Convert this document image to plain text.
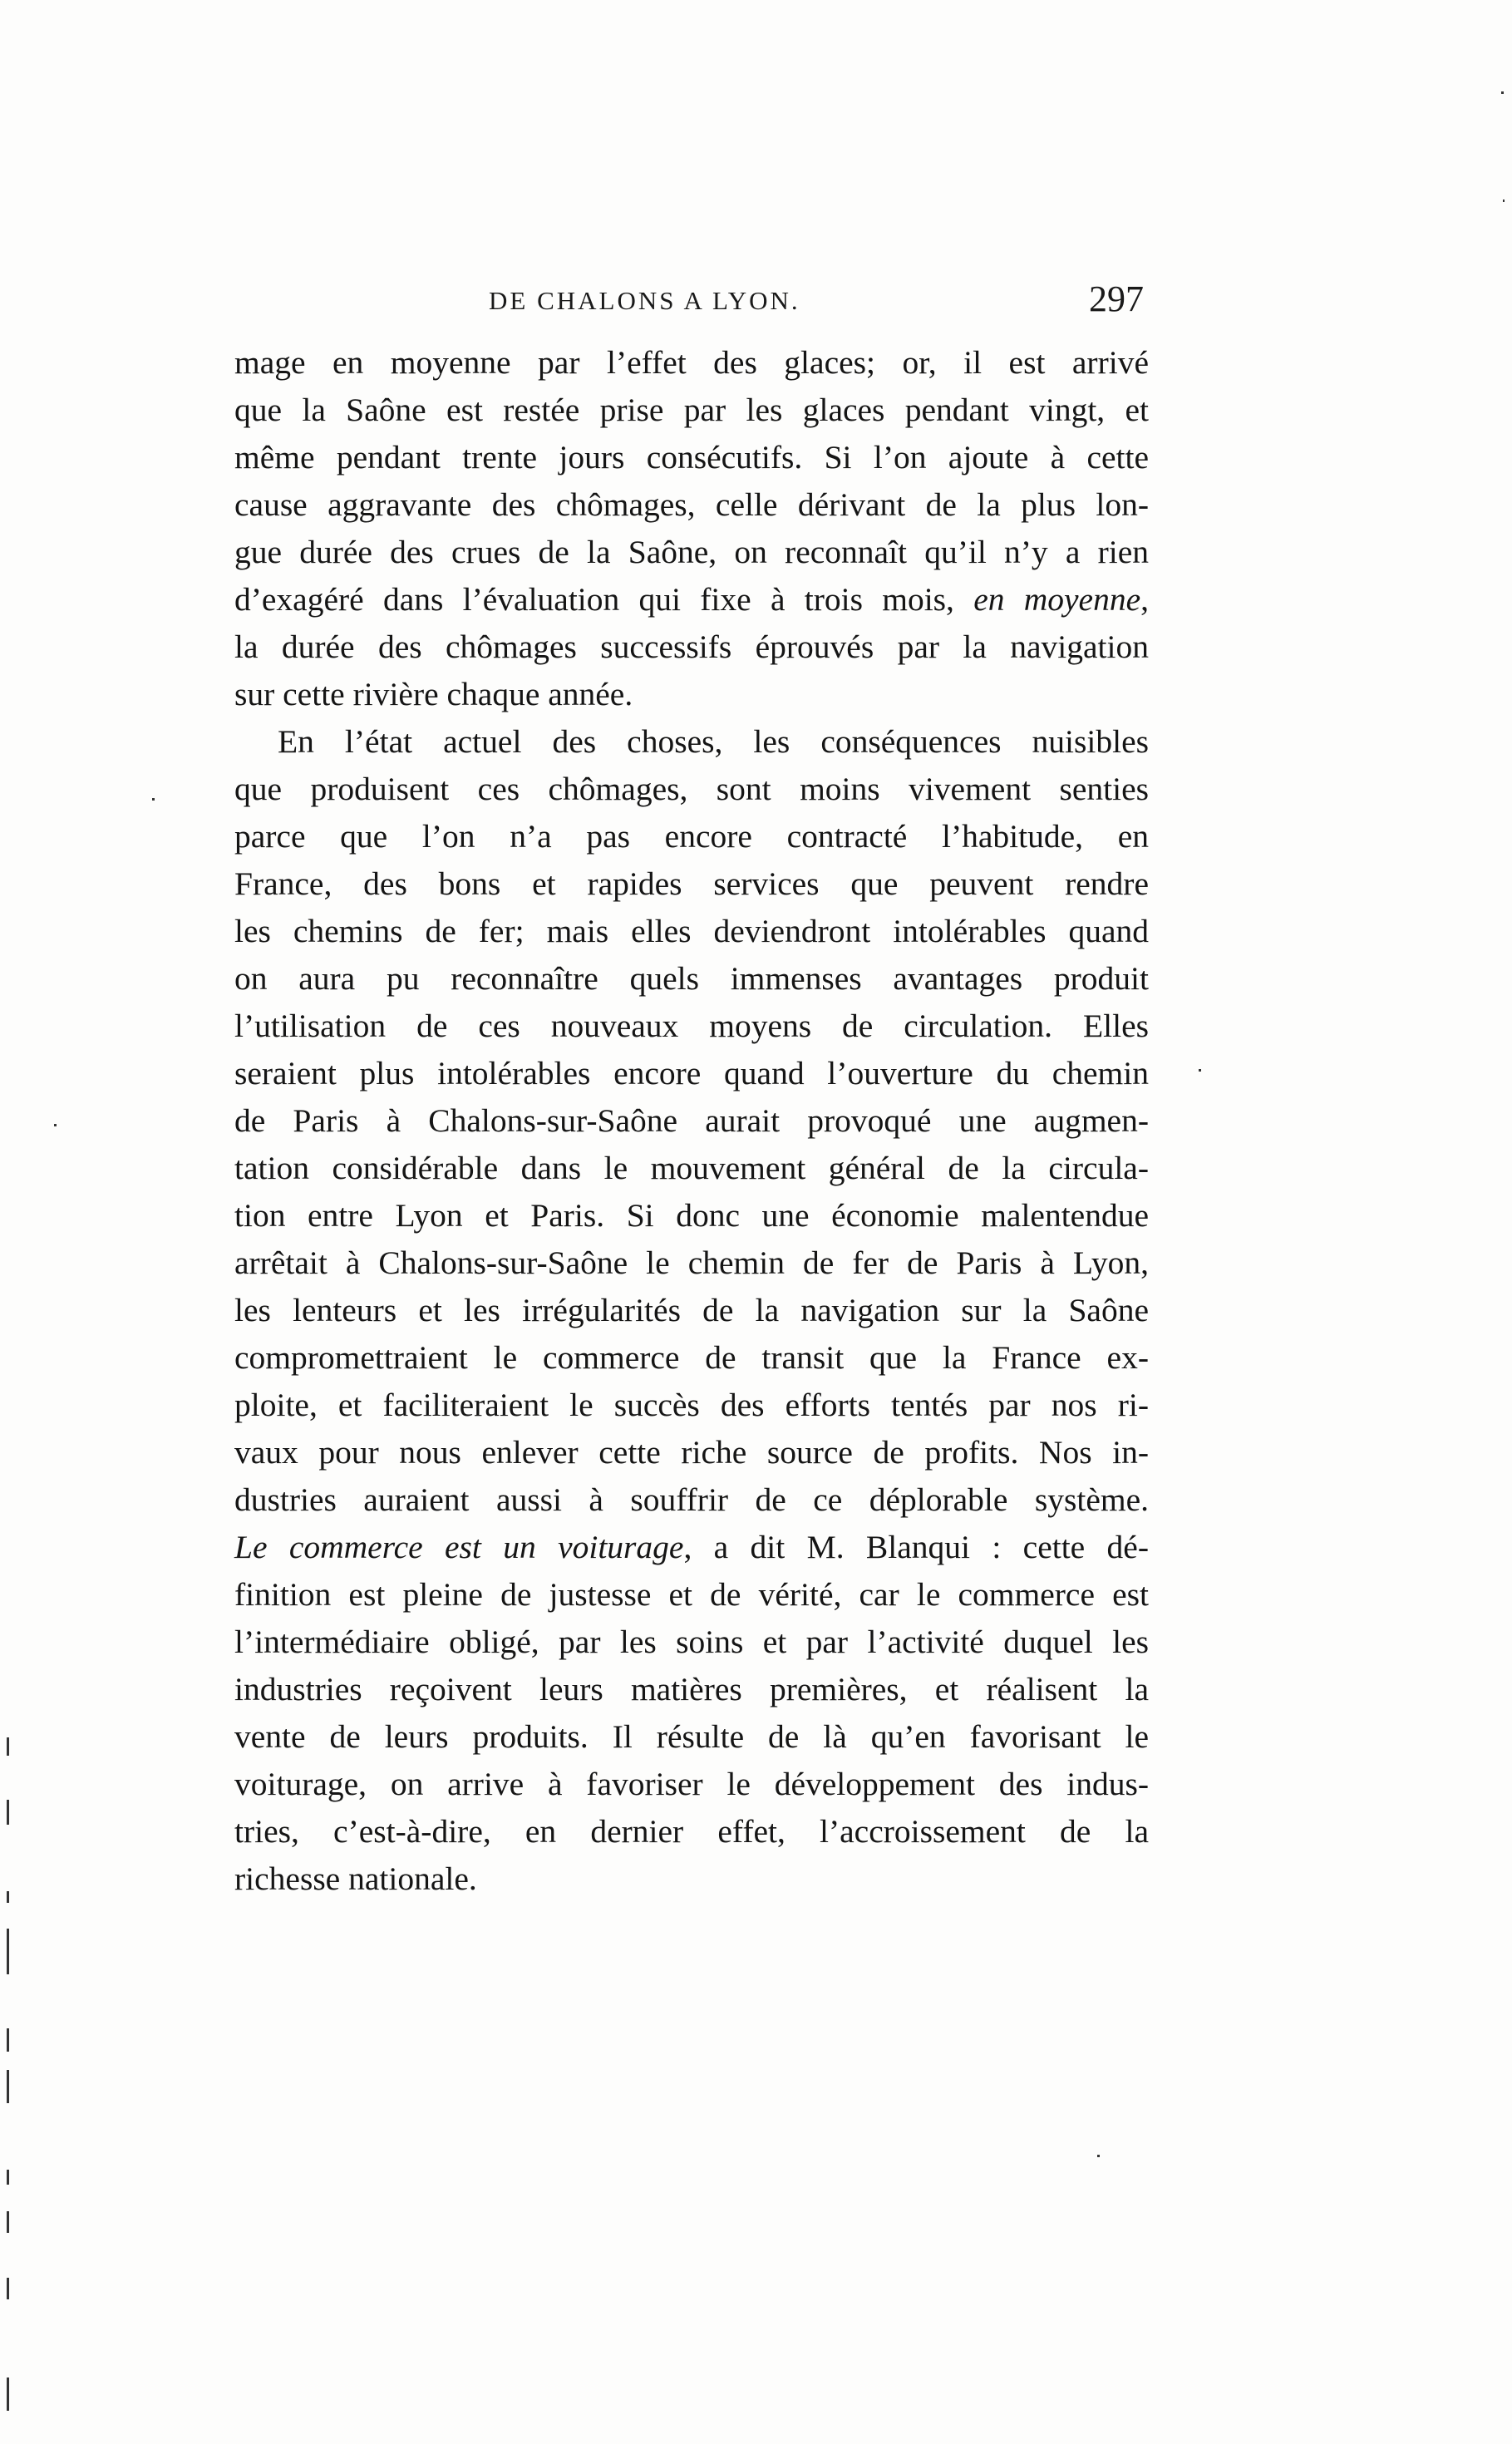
DE CHALONS A LYON.	297
mage en moyenne par l’effet des glaces; or, il est arrivé
que la Saône est restée prise par les glaces pendant vingt, et
même pendant trente jours consécutifs. Si l’on ajoute à cette
cause aggravante des chômages, celle dérivant de la plus lon-
gue durée des crues de la Saône, on reconnaît qu’il n’y a rien
d’exagéré dans l’évaluation qui fixe à trois mois, en moyenne,
la durée des chômages successifs éprouvés par la navigation
sur cette rivière chaque année.
En l’état actuel des choses, les conséquences nuisibles
que produisent ces chômages, sont moins vivement senties
parce que l’on n’a pas encore contracté l’habitude, en
France, des bons et rapides services que peuvent rendre
les chemins de fer; mais elles deviendront intolérables quand
on aura pu reconnaître quels immenses avantages produit
l’utilisation de ces nouveaux moyens de circulation. Elles
seraient plus intolérables encore quand l’ouverture du chemin
de Paris à Chalons-sur-Saône aurait provoqué une augmen-
tation considérable dans le mouvement général de la circula-
tion entre Lyon et Paris. Si donc une économie malentendue
arrêtait à Chalons-sur-Saône le chemin de fer de Paris à Lyon,
les lenteurs et les irrégularités de la navigation sur la Saône
compromettraient le commerce de transit que la France ex-
ploite, et faciliteraient le succès des efforts tentés par nos ri-
vaux pour nous enlever cette riche source de profits. Nos in-
dustries auraient aussi à souffrir de ce déplorable système.
Le commerce est un voiturage, a dit M. Blanqui : cette dé-
finition est pleine de justesse et de vérité, car le commerce est
l’intermédiaire obligé, par les soins et par l’activité duquel les
industries reçoivent leurs matières premières, et réalisent la
vente de leurs produits. Il résulte de là qu’en favorisant le
voiturage, on arrive à favoriser le développement des indus-
tries, c’est-à-dire, en dernier effet, l’accroissement de la
richesse nationale.
